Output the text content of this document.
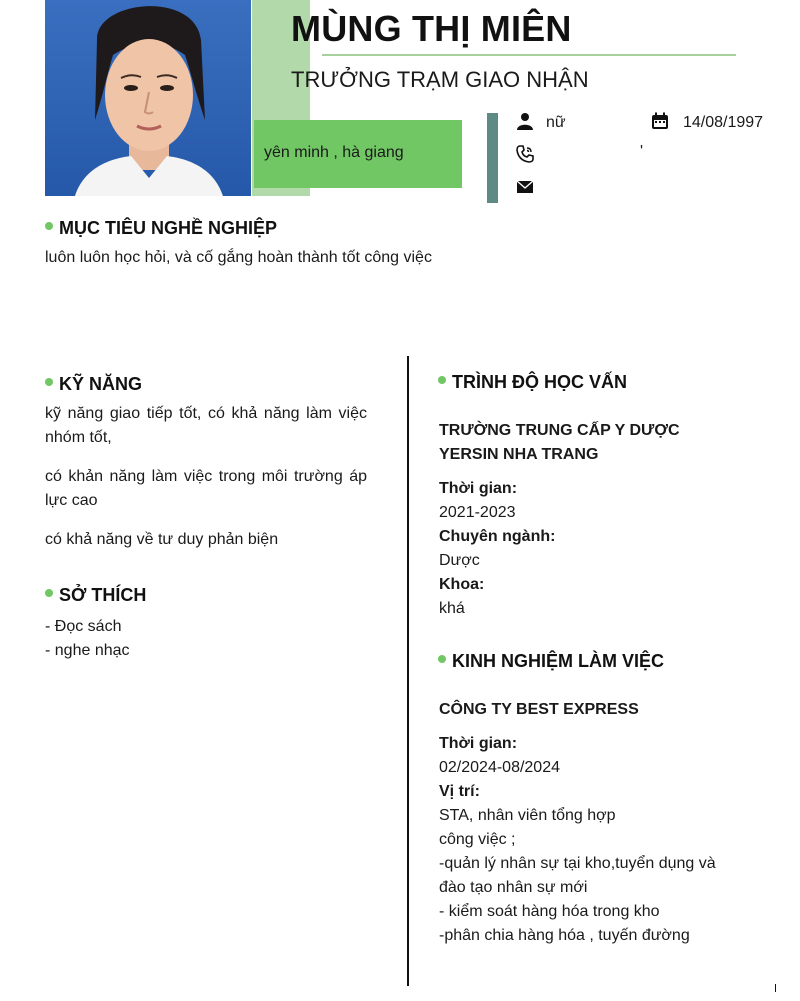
yên minh , hà giang
MÙNG THỊ MIÊN
TRƯỞNG TRẠM GIAO NHẬN
nữ	14/08/1997
'
MỤC TIÊU NGHỀ NGHIỆP
luôn luôn học hỏi, và cố gắng hoàn thành tốt công việc
KỸ NĂNG
kỹ năng giao tiếp tốt, có khả năng làm việc nhóm tốt,
có khản năng làm việc trong môi trường áp lực cao
có khả năng về tư duy phản biện
SỞ THÍCH
- Đọc sách
- nghe nhạc
TRÌNH ĐỘ HỌC VẤN
TRƯỜNG TRUNG CẤP Y DƯỢC YERSIN NHA TRANG
Thời gian:
2021-2023
Chuyên ngành:
Dược
Khoa:
khá
KINH NGHIỆM LÀM VIỆC
CÔNG TY BEST EXPRESS
Thời gian:
02/2024-08/2024
Vị trí:
STA, nhân viên tổng hợp
công việc ;
-quản lý nhân sự tại kho,tuyển dụng và đào tạo nhân sự mới
- kiểm soát hàng hóa trong kho
-phân chia hàng hóa , tuyến đường
